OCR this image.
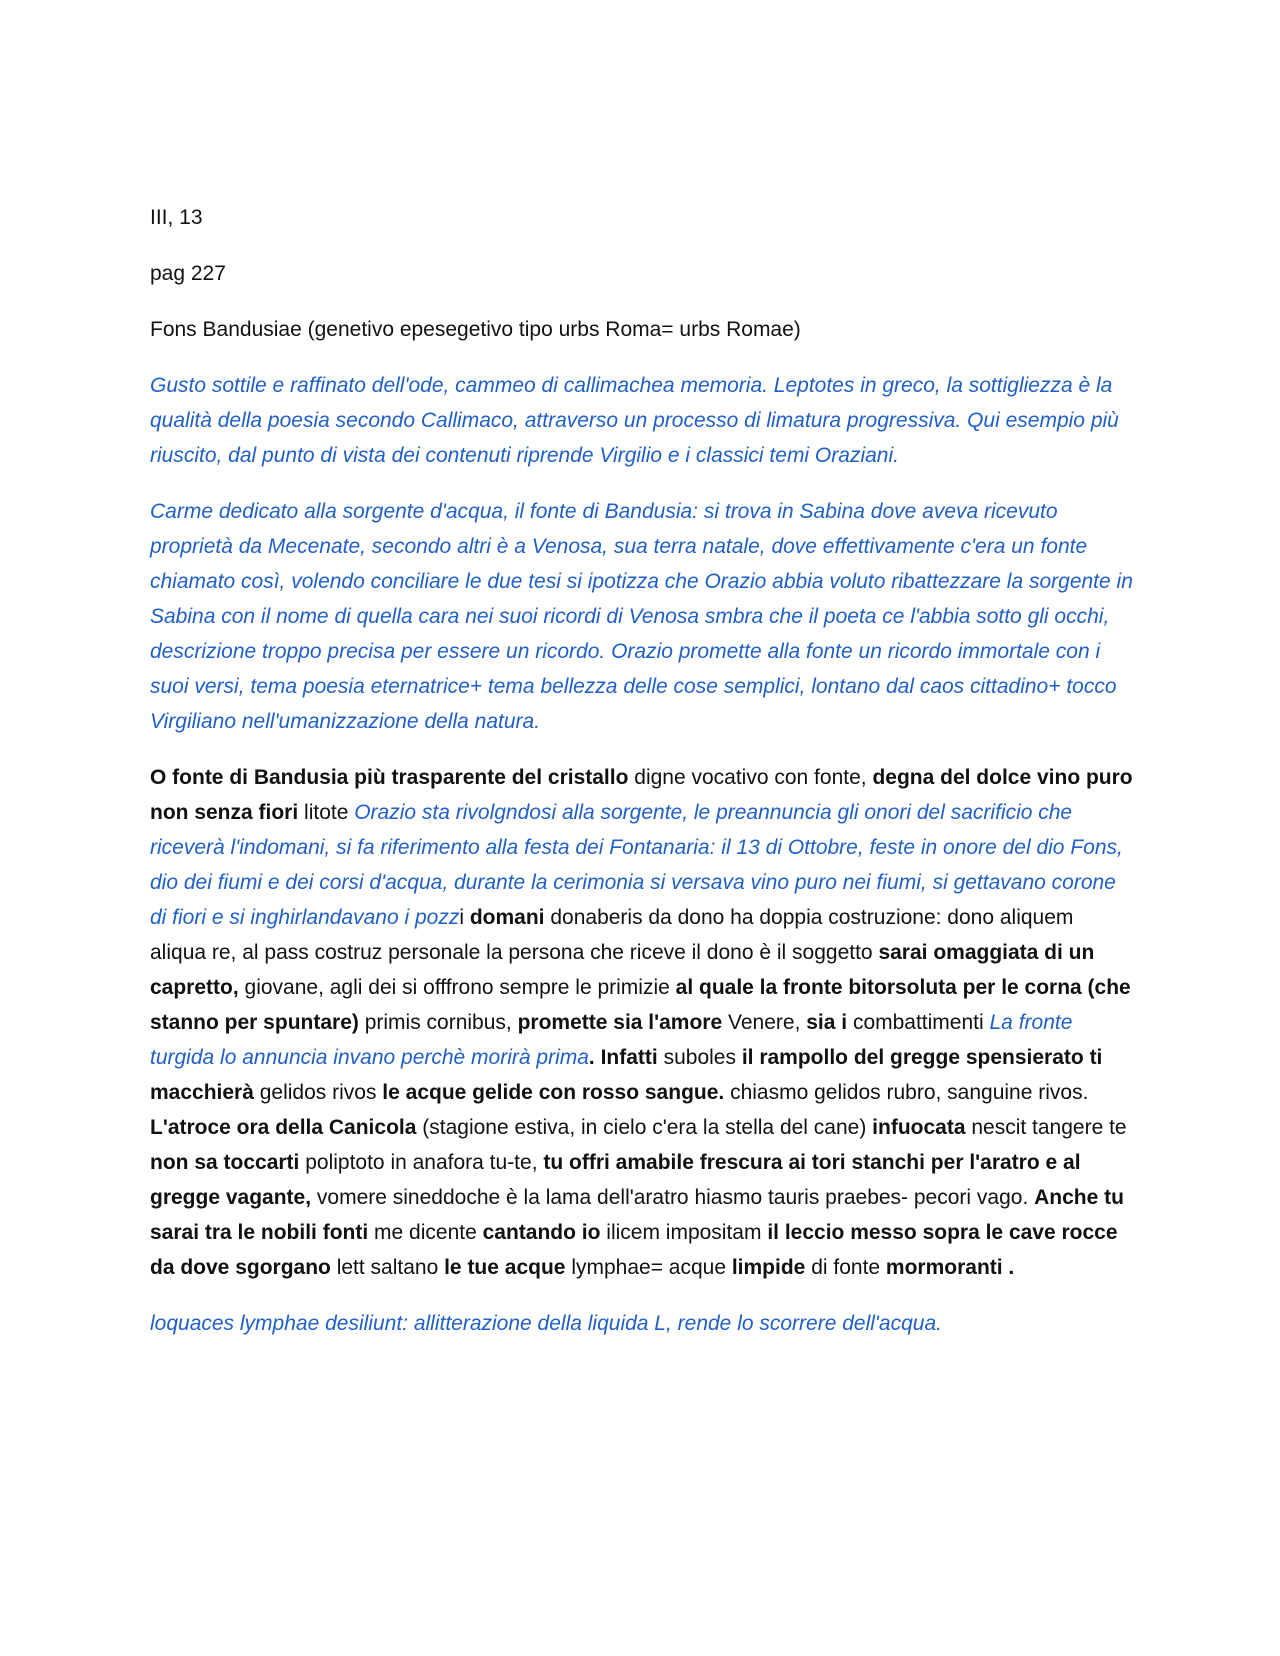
III, 13

pag 227

Fons Bandusiae (genetivo epesegetivo tipo urbs Roma= urbs Romae)

Gusto sottile e raffinato dell'ode, cammeo di callimachea memoria. Leptotes in greco, la sottigliezza è la qualità della poesia secondo Callimaco, attraverso un processo di limatura progressiva. Qui esempio più riuscito, dal punto di vista dei contenuti riprende Virgilio e i classici temi Oraziani.

Carme dedicato alla sorgente d'acqua, il fonte di Bandusia: si trova in Sabina dove aveva ricevuto proprietà da Mecenate, secondo altri è a Venosa, sua terra natale, dove effettivamente c'era un fonte chiamato così, volendo conciliare le due tesi si ipotizza che Orazio abbia voluto ribattezzare la sorgente in Sabina con il nome di quella cara nei suoi ricordi di Venosa smbra che il poeta ce l'abbia sotto gli occhi, descrizione troppo precisa per essere un ricordo. Orazio promette alla fonte un ricordo immortale con i suoi versi, tema poesia eternatrice+ tema bellezza delle cose semplici, lontano dal caos cittadino+ tocco Virgiliano nell'umanizzazione della natura.

O fonte di Bandusia più trasparente del cristallo digne vocativo con fonte, degna del dolce vino puro non senza fiori litote Orazio sta rivolgndosi alla sorgente, le preannuncia gli onori del sacrificio che riceverà l'indomani, si fa riferimento alla festa dei Fontanaria: il 13 di Ottobre, feste in onore del dio Fons, dio dei fiumi e dei corsi d'acqua, durante la cerimonia si versava vino puro nei fiumi, si gettavano corone di fiori e si inghirlandavano i pozzi domani donaberis da dono ha doppia costruzione: dono aliquem aliqua re, al pass costruz personale la persona che riceve il dono è il soggetto sarai omaggiata di un capretto, giovane, agli dei si offfrono sempre le primizie al quale la fronte bitorsoluta per le corna (che stanno per spuntare) primis cornibus, promette sia l'amore Venere, sia i combattimenti La fronte turgida lo annuncia invano perchè morirà prima. Infatti suboles il rampollo del gregge spensierato ti macchierà gelidos rivos le acque gelide con rosso sangue. chiasmo gelidos rubro, sanguine rivos. L'atroce ora della Canicola (stagione estiva, in cielo c'era la stella del cane) infuocata nescit tangere te non sa toccarti poliptoto in anafora tu-te, tu offri amabile frescura ai tori stanchi per l'aratro e al gregge vagante, vomere sineddoche è la lama dell'aratro hiasmo tauris praebes- pecori vago. Anche tu sarai tra le nobili fonti me dicente cantando io ilicem impositam il leccio messo sopra le cave rocce da dove sgorgano lett saltano le tue acque lymphae= acque limpide di fonte mormoranti .

loquaces lymphae desiliunt: allitterazione della liquida L, rende lo scorrere dell'acqua.
